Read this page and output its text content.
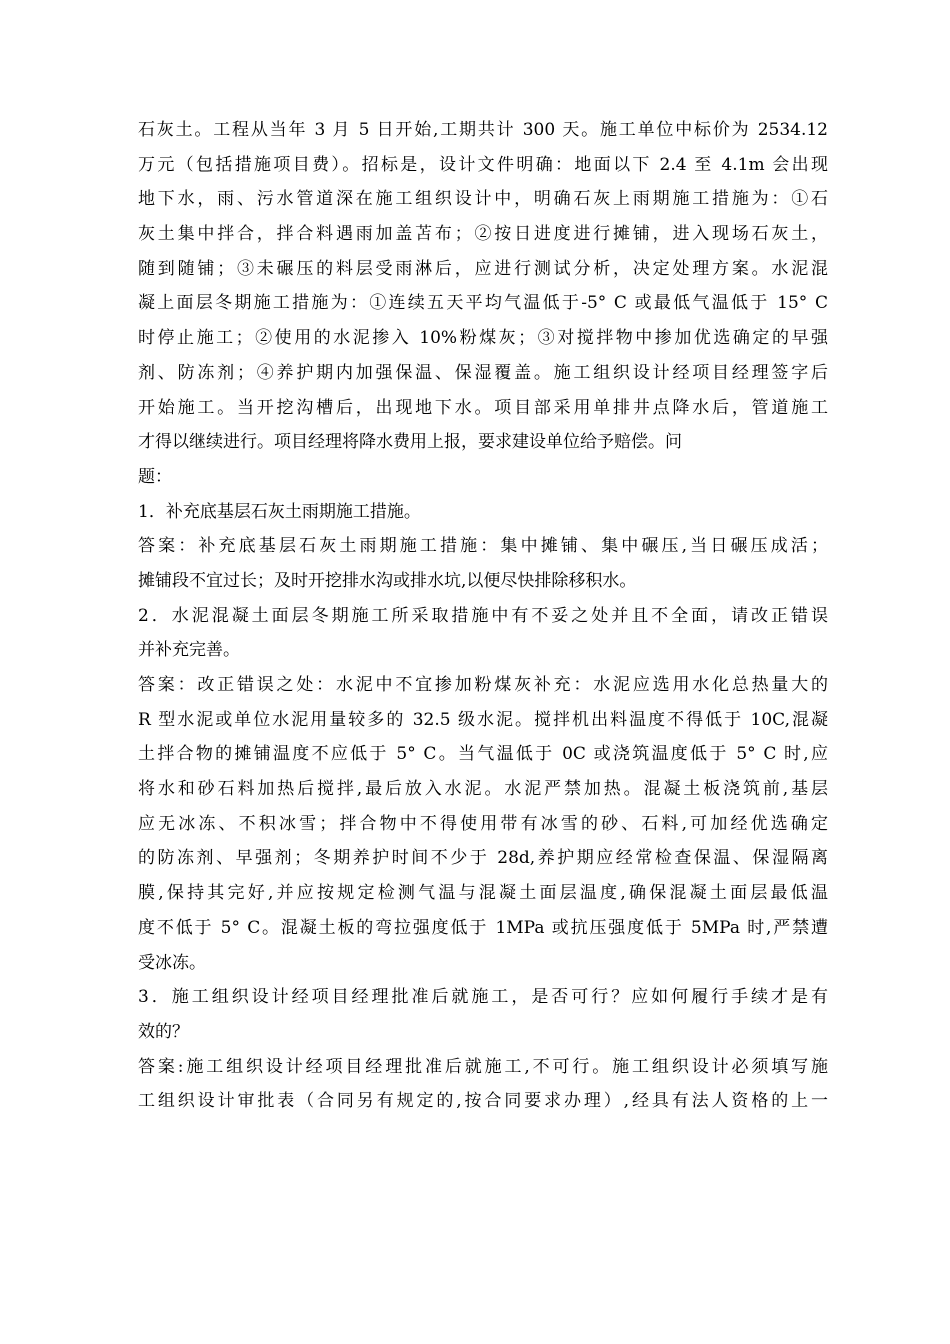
石灰土。工程从当年 3 月 5 日开始,工期共计 300 天。施工单位中标价为 2534.12
万元（包括措施项目费）。招标是，设计文件明确：地面以下 2.4 至 4.1m 会出现
地下水，雨、污水管道深在施工组织设计中，明确石灰上雨期施工措施为：①石
灰土集中拌合，拌合料遇雨加盖苫布；②按日进度进行摊铺，进入现场石灰土，
随到随铺；③未碾压的料层受雨淋后，应进行测试分析，决定处理方案。水泥混
凝上面层冬期施工措施为：①连续五天平均气温低于-5° C 或最低气温低于 15° C
时停止施工；②使用的水泥掺入 10%粉煤灰；③对搅拌物中掺加优选确定的早强
剂、防冻剂；④养护期内加强保温、保湿覆盖。施工组织设计经项目经理签字后
开始施工。当开挖沟槽后，出现地下水。项目部采用单排井点降水后，管道施工
才得以继续进行。项目经理将降水费用上报，要求建设单位给予赔偿。问
题：
1．补充底基层石灰土雨期施工措施。
答案：补充底基层石灰土雨期施工措施：集中摊铺、集中碾压,当日碾压成活；
摊铺段不宜过长；及时开挖排水沟或排水坑,以便尽快排除移积水。
2．水泥混凝土面层冬期施工所采取措施中有不妥之处并且不全面，请改正错误
并补充完善。
答案：改正错误之处：水泥中不宜掺加粉煤灰补充：水泥应选用水化总热量大的
R 型水泥或单位水泥用量较多的 32.5 级水泥。搅拌机出料温度不得低于 10C,混凝
土拌合物的摊铺温度不应低于 5° C。当气温低于 0C 或浇筑温度低于 5° C 时,应
将水和砂石料加热后搅拌,最后放入水泥。水泥严禁加热。混凝土板浇筑前,基层
应无冰冻、不积冰雪；拌合物中不得使用带有冰雪的砂、石料,可加经优选确定
的防冻剂、早强剂；冬期养护时间不少于 28d,养护期应经常检查保温、保湿隔离
膜,保持其完好,并应按规定检测气温与混凝土面层温度,确保混凝土面层最低温
度不低于 5° C。混凝土板的弯拉强度低于 1MPa 或抗压强度低于 5MPa 时,严禁遭
受冰冻。
3．施工组织设计经项目经理批准后就施工，是否可行？应如何履行手续才是有
效的？
答案:施工组织设计经项目经理批准后就施工,不可行。施工组织设计必须填写施
工组织设计审批表（合同另有规定的,按合同要求办理）,经具有法人资格的上一
